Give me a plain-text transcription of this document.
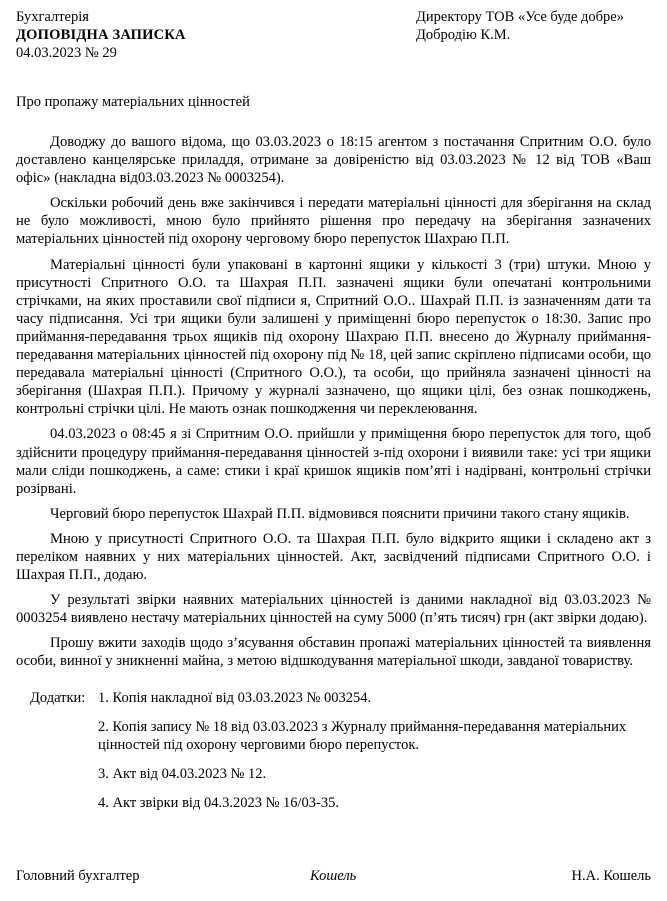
Бухгалтерія
ДОПОВІДНА ЗАПИСКА
04.03.2023 № 29
Директору ТОВ «Усе буде добре»
Добродію К.М.
Про пропажу матеріальних цінностей

Доводжу до вашого відома, що 03.03.2023 о 18:15 агентом з постачання Спритним О.О. було доставлено канцелярське приладдя, отримане за довіреністю від 03.03.2023 № 12 від ТОВ «Ваш офіс» (накладна від03.03.2023 № 0003254).

Оскільки робочий день вже закінчився і передати матеріальні цінності для зберігання на склад не було можливості, мною було прийнято рішення про передачу на зберігання зазначених матеріальних цінностей під охорону черговому бюро перепусток Шахраю П.П.

Матеріальні цінності були упаковані в картонні ящики у кількості 3 (три) штуки. Мною у присутності Спритного О.О. та Шахрая П.П. зазначені ящики були опечатані контрольними стрічками, на яких проставили свої підписи я, Спритний О.О.. Шахрай П.П. із зазначенням дати та часу підписання. Усі три ящики були залишені у приміщенні бюро перепусток о 18:30. Запис про приймання-передавання трьох ящиків під охорону Шахраю П.П. внесено до Журналу приймання-передавання матеріальних цінностей під охорону під № 18, цей запис скріплено підписами особи, що передавала матеріальні цінності (Спритного О.О.), та особи, що прийняла зазначені цінності на зберігання (Шахрая П.П.). Причому у журналі зазначено, що ящики цілі, без ознак пошкоджень, контрольні стрічки цілі. Не мають ознак пошкодження чи переклеювання.

04.03.2023 о 08:45 я зі Спритним О.О. прийшли у приміщення бюро перепусток для того, щоб здійснити процедуру приймання-передавання цінностей з-під охорони і виявили таке: усі три ящики мали сліди пошкоджень, а саме: стики і краї кришок ящиків пом’яті і надірвані, контрольні стрічки розірвані.

Черговий бюро перепусток Шахрай П.П. відмовився пояснити причини такого стану ящиків.

Мною у присутності Спритного О.О. та Шахрая П.П. було відкрито ящики і складено акт з переліком наявних у них матеріальних цінностей. Акт, засвідчений підписами Спритного О.О. і Шахрая П.П., додаю.

У результаті звірки наявних матеріальних цінностей із даними накладної від 03.03.2023 № 0003254 виявлено нестачу матеріальних цінностей на суму 5000 (п’ять тисяч) грн (акт звірки додаю).

Прошу вжити заходів щодо з’ясування обставин пропажі матеріальних цінностей та виявлення особи, винної у зникненні майна, з метою відшкодування матеріальної шкоди, завданої товариству.

Додатки: 1. Копія накладної від 03.03.2023 № 003254.
2. Копія запису № 18 від 03.03.2023 з Журналу приймання-передавання матеріальних цінностей під охорону черговими бюро перепусток.
3. Акт від 04.03.2023 № 12.
4. Акт звірки від 04.3.2023 № 16/03-35.
Головний бухгалтер	Кошель	Н.А. Кошель
